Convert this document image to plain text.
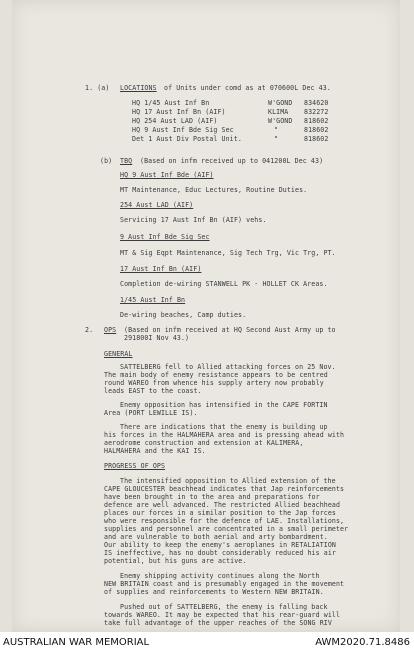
1. (a) LOCATIONS of Units under comd as at 070600L Dec 43.
HQ 1/45 Aust Inf Bn	W'GOND 834620
HQ 17 Aust Inf Bn (AIF)	KLIMA 832272
HQ 254 Aust LAD (AIF)	W'GOND 818602
HQ 9 Aust Inf Bde Sig Sec	"	818602
Det 1 Aust Div Postal Unit.	"	818602
(b) TBQ (Based on infm received up to 041200L Dec 43)
HQ 9 Aust Inf Bde (AIF)
MT Maintenance, Educ Lectures, Routine Duties.
254 Aust LAD (AIF)
Servicing 17 Aust Inf Bn (AIF) vehs.
9 Aust Inf Bde Sig Sec
MT & Sig Eqpt Maintenance, Sig Tech Trg, Vic Trg, PT.
17 Aust Inf Bn (AIF)
Completion de-wiring STANWELL PK - HOLLET CK Areas.
1/45 Aust Inf Bn
De-wiring beaches, Camp duties.
2. OPS (Based on infm received at HQ Second Aust Army up to
291800I Nov 43.)
GENERAL
SATTELBERG fell to Allied attacking forces on 25 Nov.
The main body of enemy resistance appears to be centred
round WAREO from whence his supply artery now probably
leads EAST to the coast.
Enemy opposition has intensified in the CAPE FORTIN
Area (PORT LEWILLE IS).
There are indications that the enemy is building up
his forces in the HALMAHERA area and is pressing ahead with
aerodrome construction and extension at KALIMERA,
HALMAHERA and the KAI IS.
PROGRESS OF OPS
The intensified opposition to Allied extension of the
CAPE GLOUCESTER beachhead indicates that Jap reinforcements
have been brought in to the area and preparations for
defence are well advanced. The restricted Allied beachhead
places our forces in a similar position to the Jap forces
who were responsible for the defence of LAE. Installations,
supplies and personnel are concentrated in a small perimeter
and are vulnerable to both aerial and arty bombardment.
Our ability to keep the enemy's aeroplanes in RETALIATION
IS ineffective, has no doubt considerably reduced his air
potential, but his guns are active.
Enemy shipping activity continues along the North
NEW BRITAIN coast and is presumably engaged in the movement
of supplies and reinforcements to Western NEW BRITAIN.
Pushed out of SATTELBERG, the enemy is falling back
towards WAREO. It may be expected that his rear-guard will
take full advantage of the upper reaches of the SONG RIV
AUSTRALIAN WAR MEMORIAL	AWM2020.71.8486
